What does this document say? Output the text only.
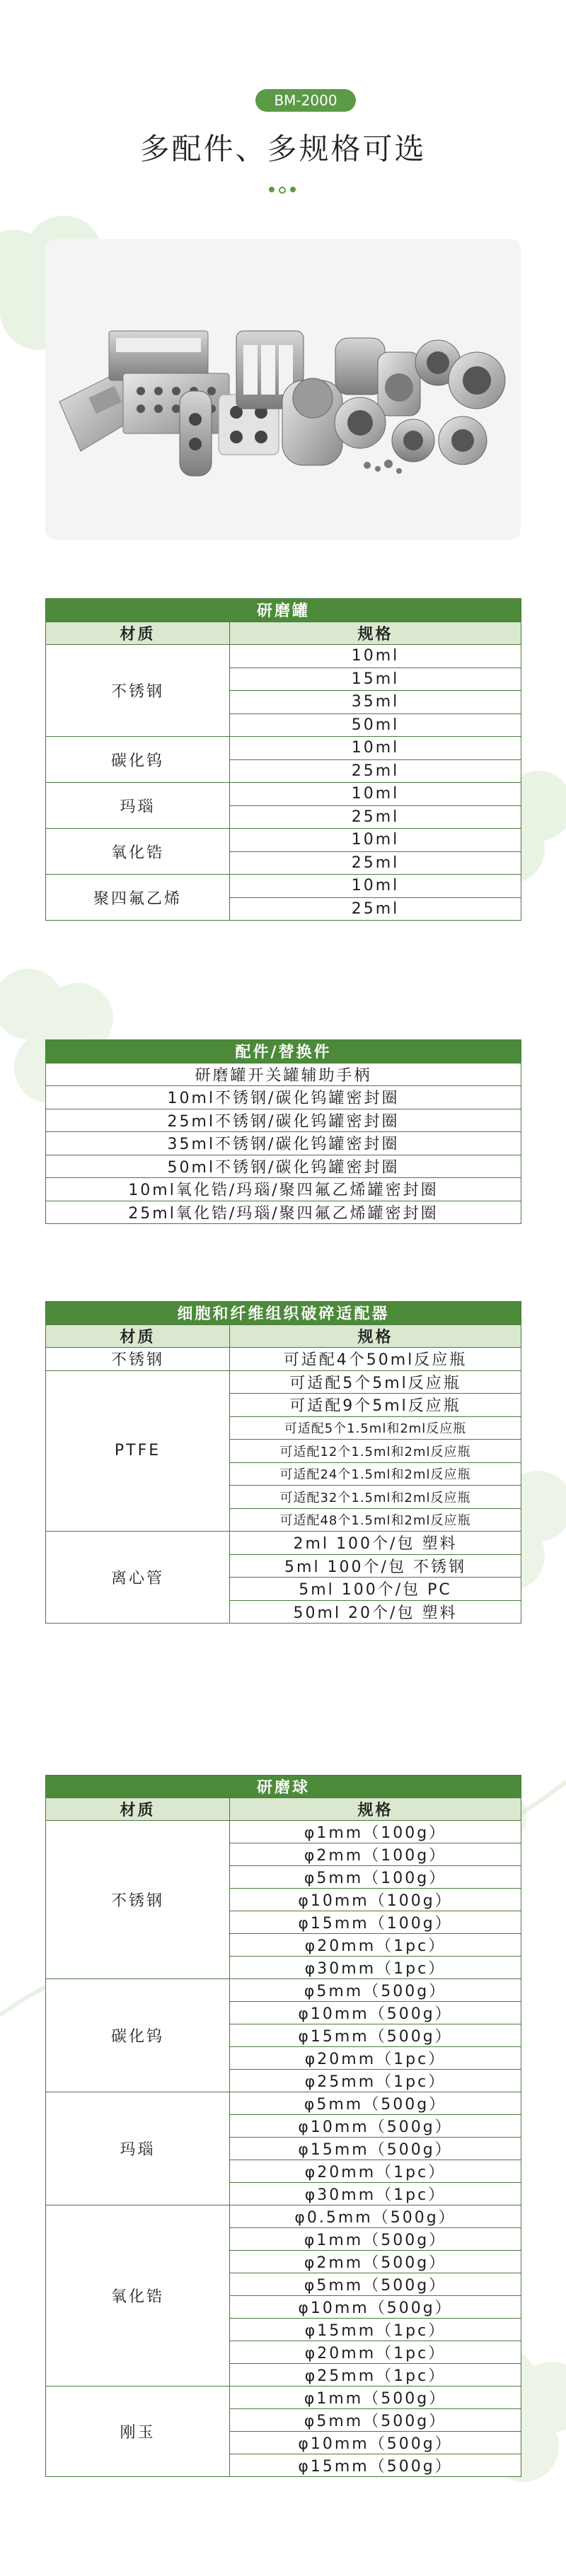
BM-2000
多配件、多规格可选
研磨罐	
材质	规格
不锈钢	10ml
	15ml
	35ml
	50ml
碳化钨	10ml
	25ml
玛瑙	10ml
	25ml
氧化锆	10ml
	25ml
聚四氟乙烯	10ml
	25ml
配件/替换件
研磨罐开关罐辅助手柄
10ml不锈钢/碳化钨罐密封圈
25ml不锈钢/碳化钨罐密封圈
35ml不锈钢/碳化钨罐密封圈
50ml不锈钢/碳化钨罐密封圈
10ml氧化锆/玛瑙/聚四氟乙烯罐密封圈
25ml氧化锆/玛瑙/聚四氟乙烯罐密封圈
细胞和纤维组织破碎适配器	
材质	规格
不锈钢	可适配4个50ml反应瓶
PTFE	可适配5个5ml反应瓶
	可适配9个5ml反应瓶
	可适配5个1.5ml和2ml反应瓶
	可适配12个1.5ml和2ml反应瓶
	可适配24个1.5ml和2ml反应瓶
	可适配32个1.5ml和2ml反应瓶
	可适配48个1.5ml和2ml反应瓶
离心管	2ml 100个/包 塑料
	5ml 100个/包 不锈钢
	5ml 100个/包 PC
	50ml 20个/包 塑料
研磨球	
材质	规格
不锈钢	φ1mm（100g）
	φ2mm（100g）
	φ5mm（100g）
	φ10mm（100g）
	φ15mm（100g）
	φ20mm（1pc）
	φ30mm（1pc）
碳化钨	φ5mm（500g）
	φ10mm（500g）
	φ15mm（500g）
	φ20mm（1pc）
	φ25mm（1pc）
玛瑙	φ5mm（500g）
	φ10mm（500g）
	φ15mm（500g）
	φ20mm（1pc）
	φ30mm（1pc）
氧化锆	φ0.5mm（500g）
	φ1mm（500g）
	φ2mm（500g）
	φ5mm（500g）
	φ10mm（500g）
	φ15mm（1pc）
	φ20mm（1pc）
	φ25mm（1pc）
刚玉	φ1mm（500g）
	φ5mm（500g）
	φ10mm（500g）
	φ15mm（500g）
